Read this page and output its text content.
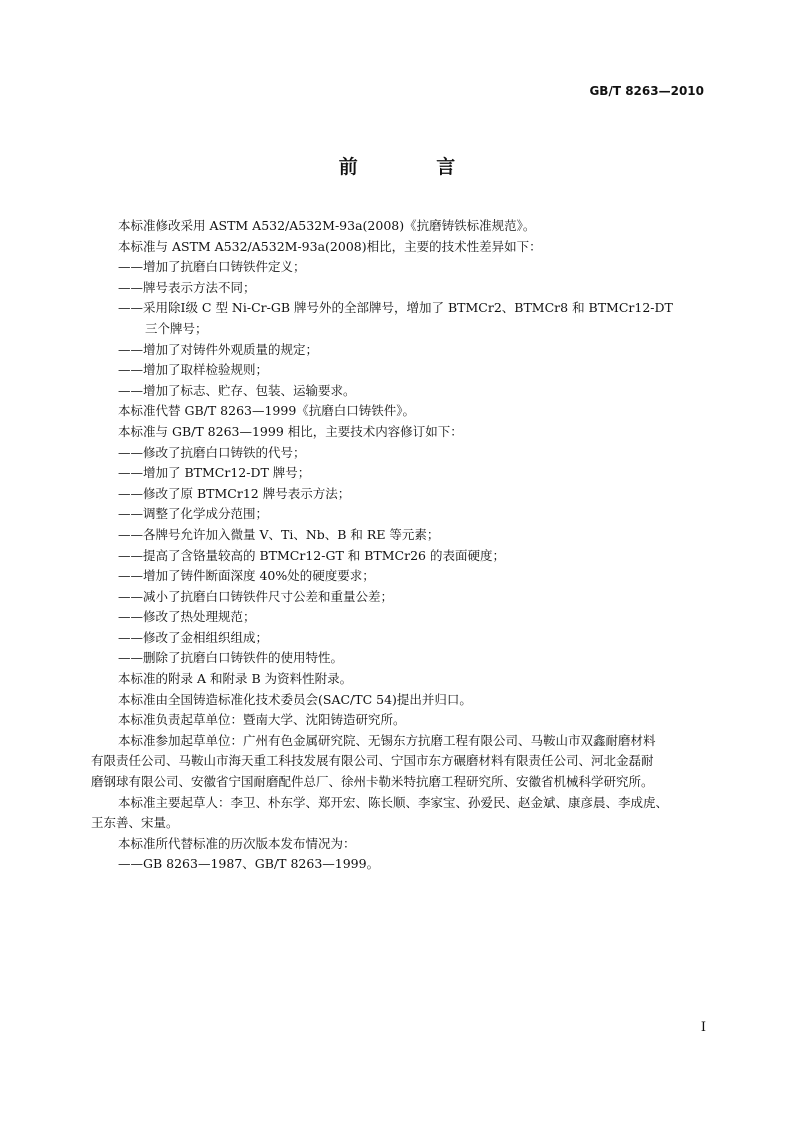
GB/T 8263—2010
前 言
本标准修改采用 ASTM A532/A532M-93a(2008)《抗磨铸铁标准规范》。
本标准与 ASTM A532/A532M-93a(2008)相比，主要的技术性差异如下：
——增加了抗磨白口铸铁件定义；
——牌号表示方法不同；
——采用除Ⅰ级 C 型 Ni-Cr-GB 牌号外的全部牌号，增加了 BTMCr2、BTMCr8 和 BTMCr12-DT
三个牌号；
——增加了对铸件外观质量的规定；
——增加了取样检验规则；
——增加了标志、贮存、包装、运输要求。
本标准代替 GB/T 8263—1999《抗磨白口铸铁件》。
本标准与 GB/T 8263—1999 相比，主要技术内容修订如下：
——修改了抗磨白口铸铁的代号；
——增加了 BTMCr12-DT 牌号；
——修改了原 BTMCr12 牌号表示方法；
——调整了化学成分范围；
——各牌号允许加入微量 V、Ti、Nb、B 和 RE 等元素；
——提高了含铬量较高的 BTMCr12-GT 和 BTMCr26 的表面硬度；
——增加了铸件断面深度 40%处的硬度要求；
——减小了抗磨白口铸铁件尺寸公差和重量公差；
——修改了热处理规范；
——修改了金相组织组成；
——删除了抗磨白口铸铁件的使用特性。
本标准的附录 A 和附录 B 为资料性附录。
本标准由全国铸造标准化技术委员会(SAC/TC 54)提出并归口。
本标准负责起草单位：暨南大学、沈阳铸造研究所。
本标准参加起草单位：广州有色金属研究院、无锡东方抗磨工程有限公司、马鞍山市双鑫耐磨材料
有限责任公司、马鞍山市海天重工科技发展有限公司、宁国市东方碾磨材料有限责任公司、河北金磊耐
磨钢球有限公司、安徽省宁国耐磨配件总厂、徐州卡勒米特抗磨工程研究所、安徽省机械科学研究所。
本标准主要起草人：李卫、朴东学、郑开宏、陈长顺、李家宝、孙爱民、赵金斌、康彦晨、李成虎、
王东善、宋量。
本标准所代替标准的历次版本发布情况为：
——GB 8263—1987、GB/T 8263—1999。
I
